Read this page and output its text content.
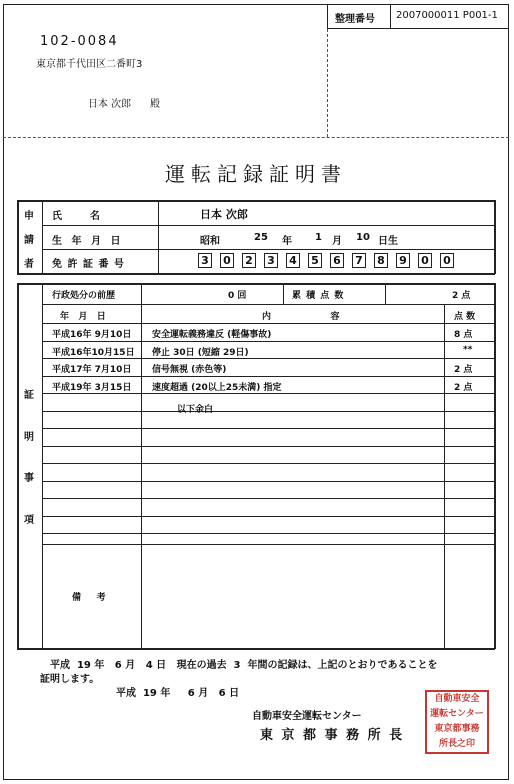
整理番号 2007000011 P001-1
102-0084
東京都千代田区二番町3
日本 次郎 殿
運転記録証明書
申
請
者
氏        名	日本 次郎
生 年 月 日	昭和	25 年 1 月 10 日生
免 許 証 番 号	3 0 2 3 4 5 6 7 8 9 0 0
行政処分の前歴	0 回	累 積 点 数	2 点
年   月   日	内                   容	点 数
平成16年 9月10日 安全運転義務違反 (軽傷事故)	8 点
平成16年10月15日 停止 30日 (短縮 29日)	**
平成17年 7月10日 信号無視 (赤色等)	2 点
平成19年 3月15日 速度超過 (20以上25未満) 指定	2 点
以下余白
証
明
事
項
備     考
平成  19 年   6 月   4 日   現在の過去  3  年間の記録は、上記のとおりであることを
証明します。
平成  19 年     6 月   6 日
自動車安全運転センター
東 京 都 事 務 所 長
自動車安全
運転センター
東京都事務
所長之印
